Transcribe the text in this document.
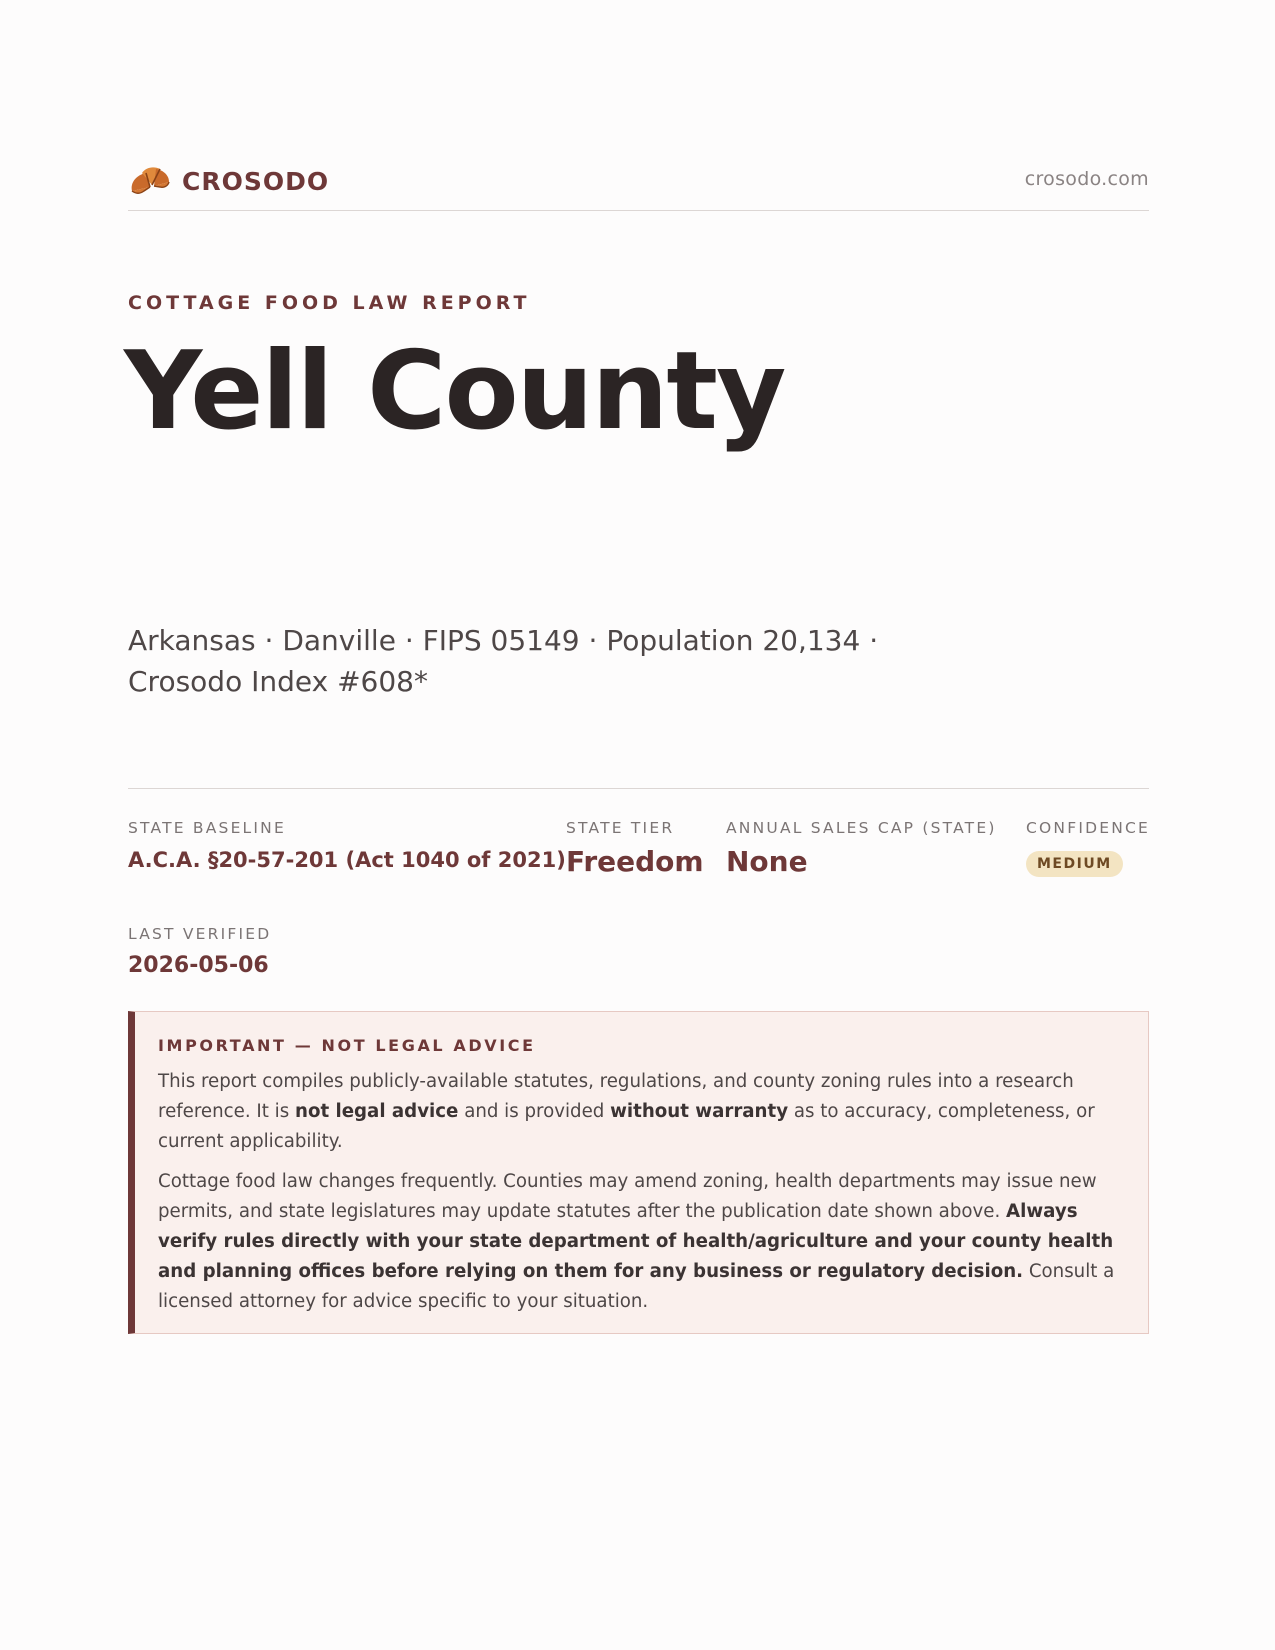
CROSODO	crosodo.com
COTTAGE FOOD LAW REPORT
Yell County
Arkansas · Danville · FIPS 05149 · Population 20,134 ·
Crosodo Index #608*
STATE BASELINE
A.C.A. §20-57-201 (Act 1040 of 2021)
STATE TIER
Freedom
ANNUAL SALES CAP (STATE)
None
CONFIDENCE
MEDIUM
LAST VERIFIED
2026-05-06
IMPORTANT — NOT LEGAL ADVICE

This report compiles publicly-available statutes, regulations, and county zoning rules into a research reference. It is not legal advice and is provided without warranty as to accuracy, completeness, or current applicability.

Cottage food law changes frequently. Counties may amend zoning, health departments may issue new permits, and state legislatures may update statutes after the publication date shown above. Always verify rules directly with your state department of health/agriculture and your county health and planning offices before relying on them for any business or regulatory decision. Consult a licensed attorney for advice specific to your situation.
